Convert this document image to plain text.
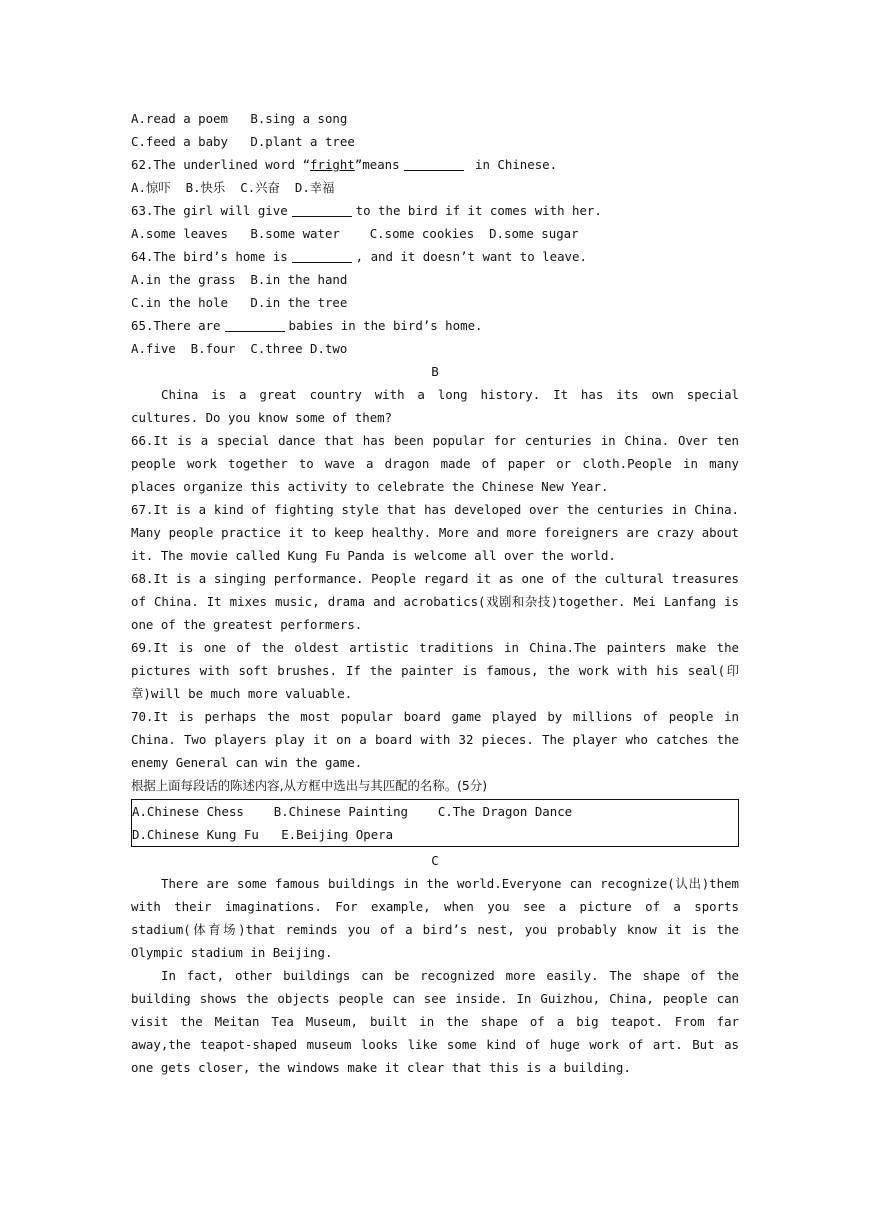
A.read a poem   B.sing a song
C.feed a baby   D.plant a tree
62.The underlined word “fright”means	in Chinese.
A.惊吓  B.快乐  C.兴奋  D.幸福
63.The girl will give	to the bird if it comes with her.
A.some leaves   B.some water    C.some cookies  D.some sugar
64.The bird’s home is	, and it doesn’t want to leave.
A.in the grass  B.in the hand
C.in the hole   D.in the tree
65.There are	babies in the bird’s home.
A.five  B.four  C.three D.two
B
China is a great country with a long history. It has its own special cultures. Do you know some of them?
66.It is a special dance that has been popular for centuries in China. Over ten people work together to wave a dragon made of paper or cloth.People in many places organize this activity to celebrate the Chinese New Year.
67.It is a kind of fighting style that has developed over the centuries in China. Many people practice it to keep healthy. More and more foreigners are crazy about it. The movie called Kung Fu Panda is welcome all over the world.
68.It is a singing performance. People regard it as one of the cultural treasures of China. It mixes music, drama and acrobatics(戏剧和杂技)together. Mei Lanfang is one of the greatest performers.
69.It is one of the oldest artistic traditions in China.The painters make the pictures with soft brushes. If the painter is famous, the work with his seal(印章)will be much more valuable.
70.It is perhaps the most popular board game played by millions of people in China. Two players play it on a board with 32 pieces. The player who catches the enemy General can win the game.
根据上面每段话的陈述内容,从方框中选出与其匹配的名称。(5分)
A.Chinese Chess    B.Chinese Painting    C.The Dragon Dance
D.Chinese Kung Fu   E.Beijing Opera
C
There are some famous buildings in the world.Everyone can recognize(认出)them with their imaginations. For example, when you see a picture of a sports stadium(体育场)that reminds you of a bird’s nest, you probably know it is the Olympic stadium in Beijing.
In fact, other buildings can be recognized more easily. The shape of the building shows the objects people can see inside. In Guizhou, China, people can visit the Meitan Tea Museum, built in the shape of a big teapot. From far away,the teapot-shaped museum looks like some kind of huge work of art. But as one gets closer, the windows make it clear that this is a building.
